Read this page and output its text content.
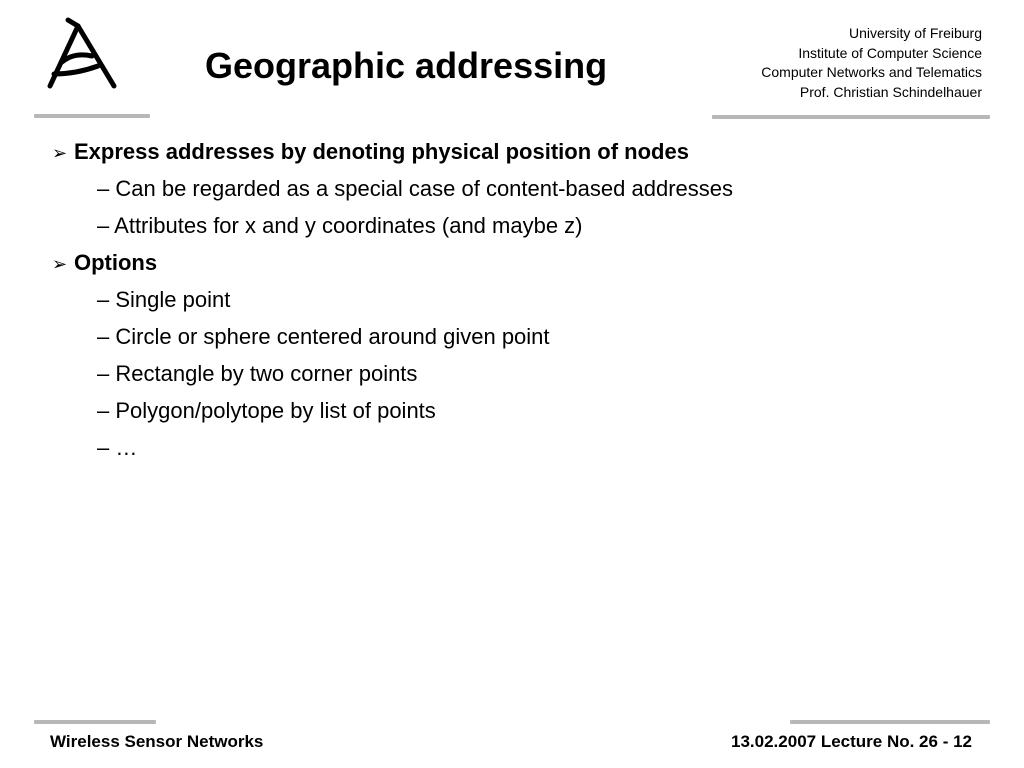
Geographic addressing
University of Freiburg
Institute of Computer Science
Computer Networks and Telematics
Prof. Christian Schindelhauer
➢ Express addresses by denoting physical position of nodes
– Can be regarded as a special case of content-based addresses
– Attributes for x and y coordinates (and maybe z)
➢ Options
– Single point
– Circle or sphere centered around given point
– Rectangle by two corner points
– Polygon/polytope by list of points
– …
Wireless Sensor Networks	13.02.2007 Lecture No. 26 - 12
